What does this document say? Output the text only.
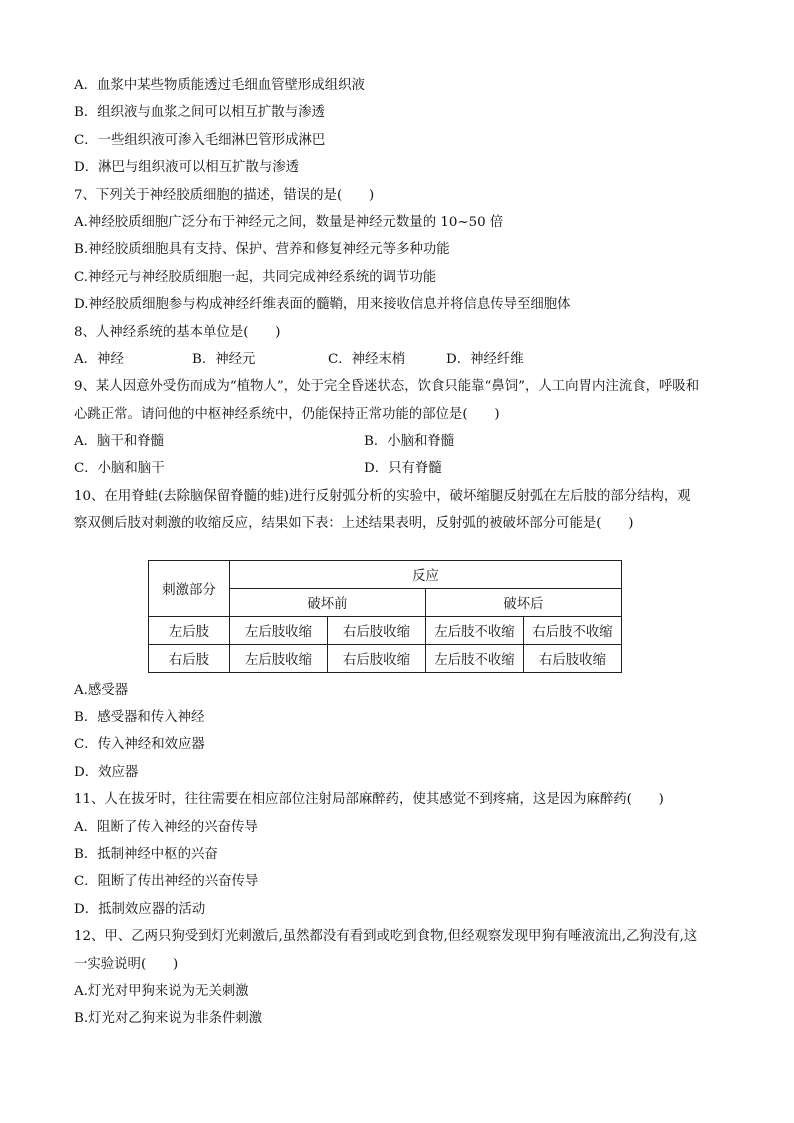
A．血浆中某些物质能透过毛细血管壁形成组织液
B．组织液与血浆之间可以相互扩散与渗透
C．一些组织液可渗入毛细淋巴管形成淋巴
D．淋巴与组织液可以相互扩散与渗透
7、下列关于神经胶质细胞的描述，错误的是(　　)
A.神经胶质细胞广泛分布于神经元之间，数量是神经元数量的 10~50 倍
B.神经胶质细胞具有支持、保护、营养和修复神经元等多种功能
C.神经元与神经胶质细胞一起，共同完成神经系统的调节功能
D.神经胶质细胞参与构成神经纤维表面的髓鞘，用来接收信息并将信息传导至细胞体
8、人神经系统的基本单位是(　　)
A．神经	B．神经元	C．神经末梢	D．神经纤维
9、某人因意外受伤而成为“植物人”，处于完全昏迷状态，饮食只能靠“鼻饲”，人工向胃内注流食，呼吸和
心跳正常。请问他的中枢神经系统中，仍能保持正常功能的部位是(　　)
A．脑干和脊髓	B．小脑和脊髓
C．小脑和脑干	D．只有脊髓
10、在用脊蛙(去除脑保留脊髓的蛙)进行反射弧分析的实验中，破坏缩腿反射弧在左后肢的部分结构，观
察双侧后肢对刺激的收缩反应，结果如下表：上述结果表明，反射弧的被破坏部分可能是(　　)
刺激部分	反应			
	破坏前		破坏后	
左后肢	左后肢收缩	右后肢收缩	左后肢不收缩	右后肢不收缩
右后肢	左后肢收缩	右后肢收缩	左后肢不收缩	右后肢收缩
A.感受器
B．感受器和传入神经
C．传入神经和效应器
D．效应器
11、人在拔牙时，往往需要在相应部位注射局部麻醉药，使其感觉不到疼痛，这是因为麻醉药(　　)
A．阻断了传入神经的兴奋传导
B．抵制神经中枢的兴奋
C．阻断了传出神经的兴奋传导
D．抵制效应器的活动
12、甲、乙两只狗受到灯光刺激后,虽然都没有看到或吃到食物,但经观察发现甲狗有唾液流出,乙狗没有,这
一实验说明(　　)
A.灯光对甲狗来说为无关刺激
B.灯光对乙狗来说为非条件刺激
